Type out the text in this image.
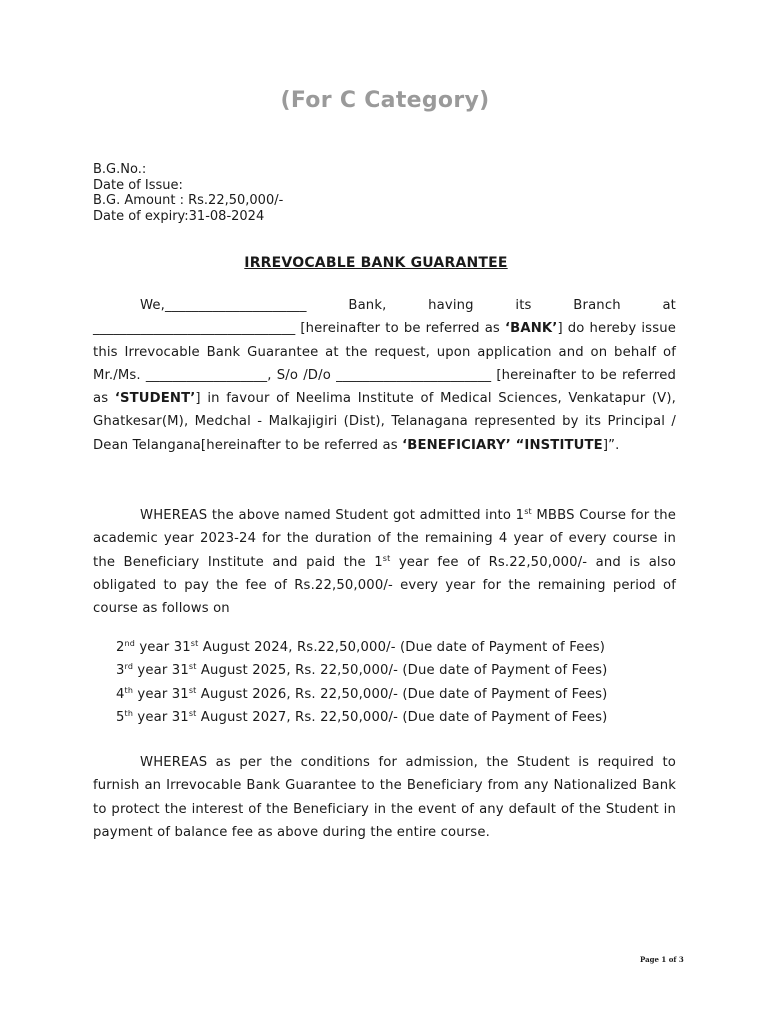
(For C Category)
B.G.No.:
Date of Issue:
B.G. Amount : Rs.22,50,000/-
Date of expiry:31-08-2024
IRREVOCABLE BANK GUARANTEE
We,_____________________ Bank, having its Branch at ______________________________ [hereinafter to be referred as ‘BANK’] do hereby issue this Irrevocable Bank Guarantee at the request, upon application and on behalf of Mr./Ms. __________________, S/o /D/o _______________________ [hereinafter to be referred as ‘STUDENT’] in favour of Neelima Institute of Medical Sciences, Venkatapur (V), Ghatkesar(M), Medchal - Malkajigiri (Dist), Telanagana represented by its Principal / Dean Telangana[hereinafter to be referred as ‘BENEFICIARY’ “INSTITUTE]”.
WHEREAS the above named Student got admitted into 1st MBBS Course for the academic year 2023-24 for the duration of the remaining 4 year of every course in the Beneficiary Institute and paid the 1st year fee of Rs.22,50,000/- and is also obligated to pay the fee of Rs.22,50,000/- every year for the remaining period of course as follows on
2nd year 31st August 2024, Rs.22,50,000/- (Due date of Payment of Fees)
3rd year 31st August 2025, Rs. 22,50,000/- (Due date of Payment of Fees)
4th year 31st August 2026, Rs. 22,50,000/- (Due date of Payment of Fees)
5th year 31st August 2027, Rs. 22,50,000/- (Due date of Payment of Fees)
WHEREAS as per the conditions for admission, the Student is required to furnish an Irrevocable Bank Guarantee to the Beneficiary from any Nationalized Bank to protect the interest of the Beneficiary in the event of any default of the Student in payment of balance fee as above during the entire course.
Page 1 of 3
